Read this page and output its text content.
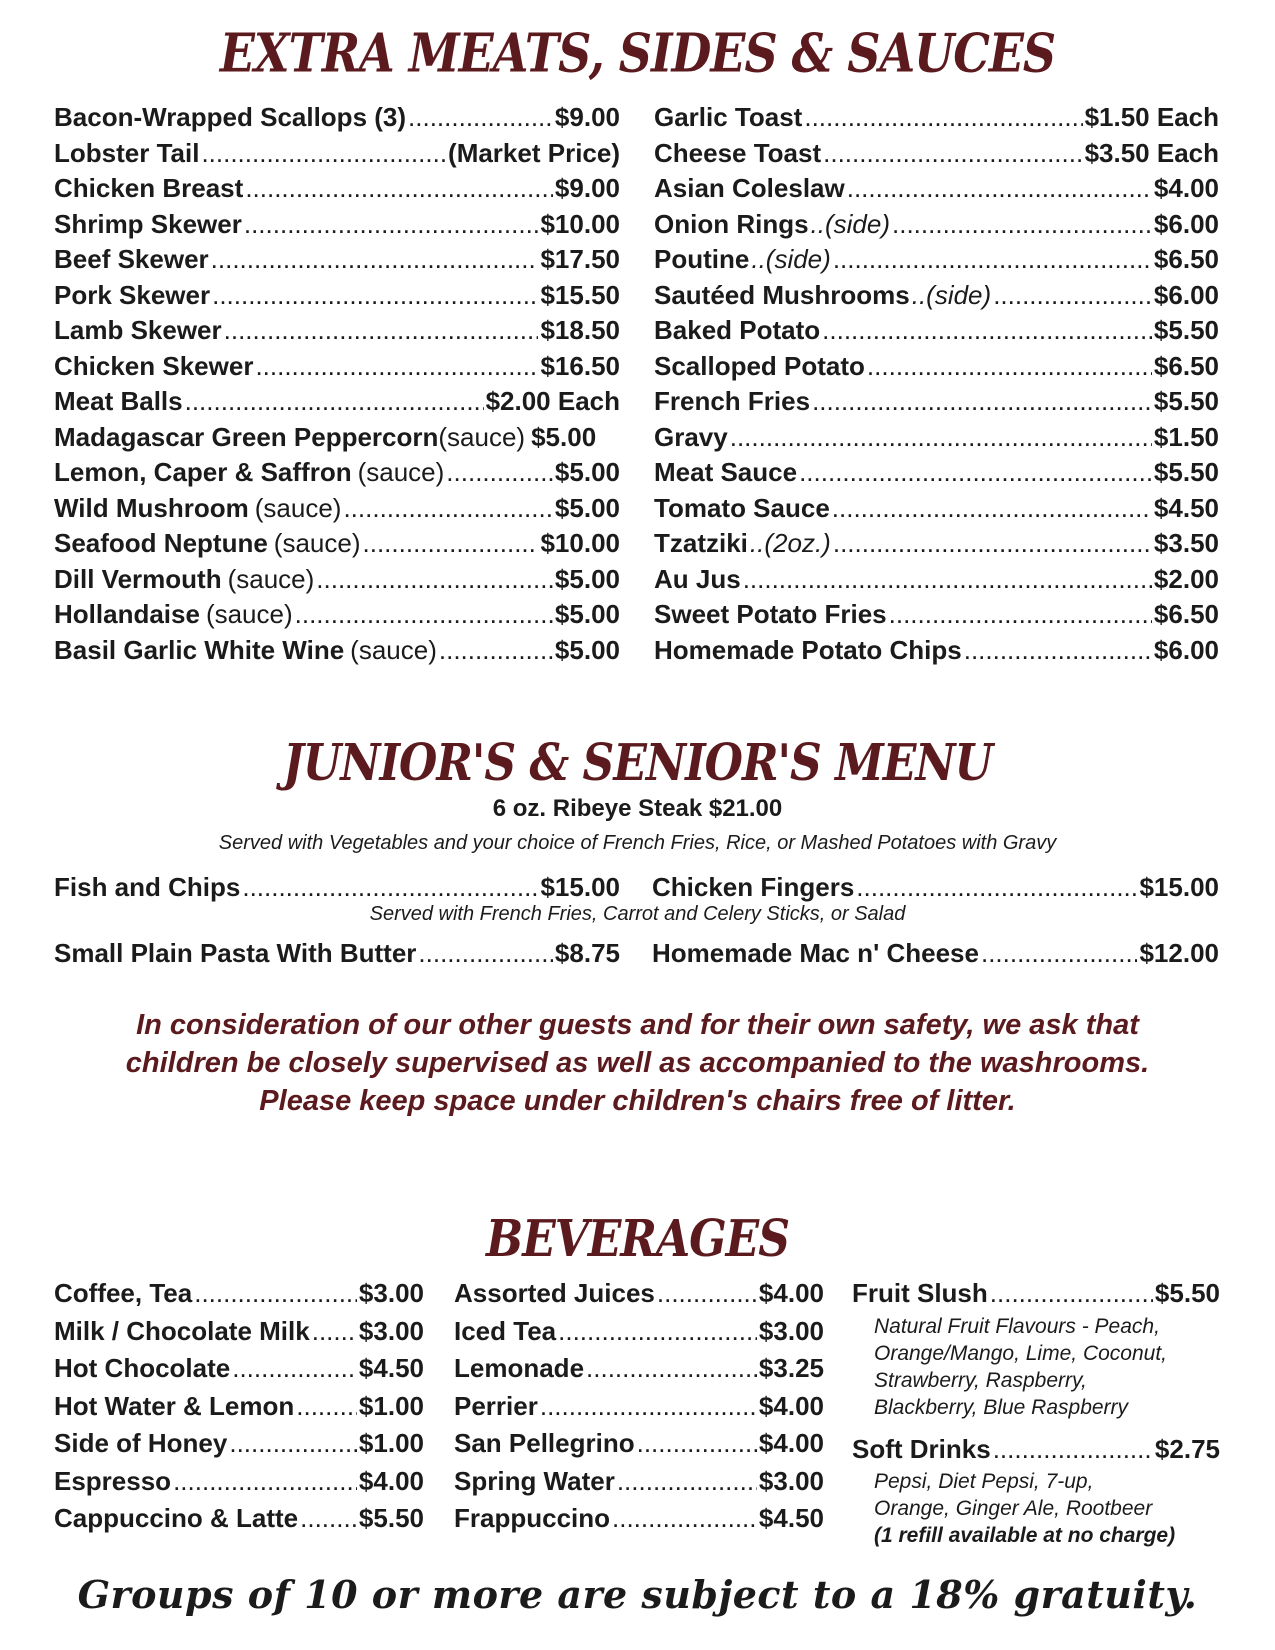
EXTRA MEATS, SIDES & SAUCES
Bacon-Wrapped Scallops (3) .....	$9.00
Lobster Tail .....	(Market Price)
Chicken Breast .....	$9.00
Shrimp Skewer .....	$10.00
Beef Skewer .....	$17.50
Pork Skewer .....	$15.50
Lamb Skewer .....	$18.50
Chicken Skewer .....	$16.50
Meat Balls .....	$2.00 Each
Madagascar Green Peppercorn (sauce) $5.00
Lemon, Caper & Saffron (sauce) .....	$5.00
Wild Mushroom (sauce) .....	$5.00
Seafood Neptune (sauce) .....	$10.00
Dill Vermouth (sauce) .....	$5.00
Hollandaise (sauce) .....	$5.00
Basil Garlic White Wine (sauce) .....	$5.00
Garlic Toast .....	$1.50 Each
Cheese Toast .....	$3.50 Each
Asian Coleslaw .....	$4.00
Onion Rings ..(side) .....	$6.00
Poutine ..(side) .....	$6.50
Sautéed Mushrooms ..(side) .....	$6.00
Baked Potato .....	$5.50
Scalloped Potato .....	$6.50
French Fries .....	$5.50
Gravy .....	$1.50
Meat Sauce .....	$5.50
Tomato Sauce .....	$4.50
Tzatziki ..(2oz.) .....	$3.50
Au Jus .....	$2.00
Sweet Potato Fries .....	$6.50
Homemade Potato Chips .....	$6.00
JUNIOR'S & SENIOR'S MENU
6 oz. Ribeye Steak $21.00
Served with Vegetables and your choice of French Fries, Rice, or Mashed Potatoes with Gravy
Fish and Chips .....	$15.00 Chicken Fingers .....	$15.00
Served with French Fries, Carrot and Celery Sticks, or Salad
Small Plain Pasta With Butter .....	$8.75 Homemade Mac n' Cheese .....	$12.00
In consideration of our other guests and for their own safety, we ask that
children be closely supervised as well as accompanied to the washrooms.
Please keep space under children's chairs free of litter.
BEVERAGES
Coffee, Tea .....	$3.00
Milk / Chocolate Milk ..... $3.00
Hot Chocolate .....	$4.50
Hot Water & Lemon ..... $1.00
Side of Honey .....	$1.00
Espresso .....	$4.00
Cappuccino & Latte ..... $5.50
Assorted Juices .....	$4.00
Iced Tea .....	$3.00
Lemonade .....	$3.25
Perrier .....	$4.00
San Pellegrino .....	$4.00
Spring Water .....	$3.00
Frappuccino .....	$4.50
Fruit Slush .....	$5.50
Natural Fruit Flavours - Peach,
Orange/Mango, Lime, Coconut,
Strawberry, Raspberry,
Blackberry, Blue Raspberry
Soft Drinks .....	$2.75
Pepsi, Diet Pepsi, 7-up,
Orange, Ginger Ale, Rootbeer
(1 refill available at no charge)
Groups of 10 or more are subject to a 18% gratuity.
